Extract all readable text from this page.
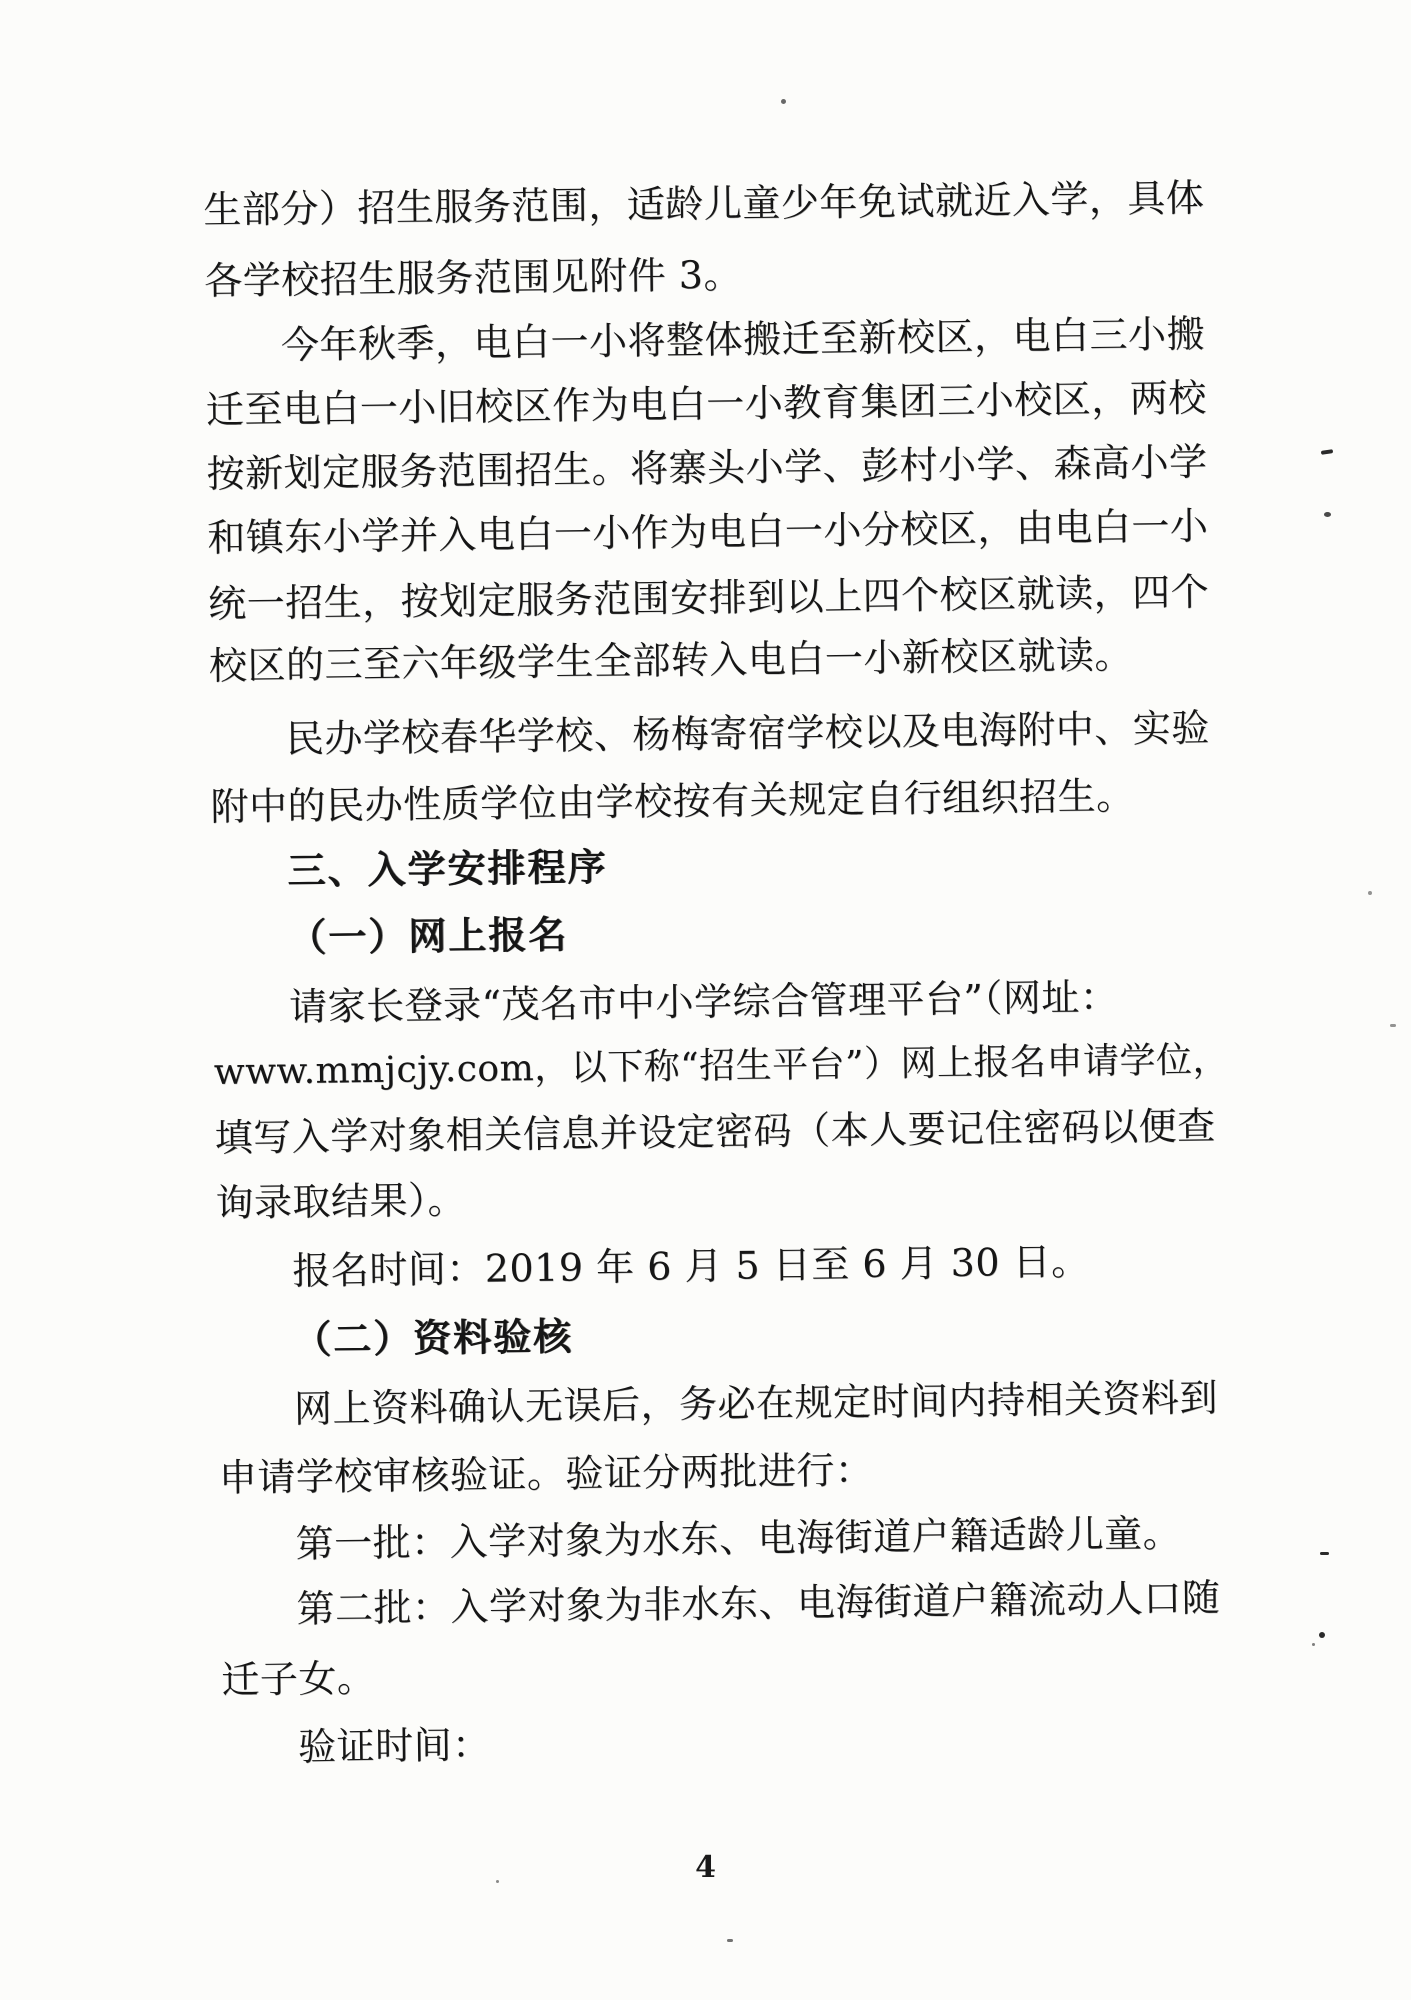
生部分）招生服务范围，适龄儿童少年免试就近入学，具体
各学校招生服务范围见附件 3。
今年秋季，电白一小将整体搬迁至新校区，电白三小搬
迁至电白一小旧校区作为电白一小教育集团三小校区，两校
按新划定服务范围招生。将寨头小学、彭村小学、森高小学
和镇东小学并入电白一小作为电白一小分校区，由电白一小
统一招生，按划定服务范围安排到以上四个校区就读，四个
校区的三至六年级学生全部转入电白一小新校区就读。
民办学校春华学校、杨梅寄宿学校以及电海附中、实验
附中的民办性质学位由学校按有关规定自行组织招生。
三、入学安排程序
（一）网上报名
请家长登录“茂名市中小学综合管理平台”（网址：
www.mmjcjy.com，以下称“招生平台”）网上报名申请学位，
填写入学对象相关信息并设定密码（本人要记住密码以便查
询录取结果）。
报名时间：2019 年 6 月 5 日至 6 月 30 日。
（二）资料验核
网上资料确认无误后，务必在规定时间内持相关资料到
申请学校审核验证。验证分两批进行：
第一批：入学对象为水东、电海街道户籍适龄儿童。
第二批：入学对象为非水东、电海街道户籍流动人口随
迁子女。
验证时间：
4
